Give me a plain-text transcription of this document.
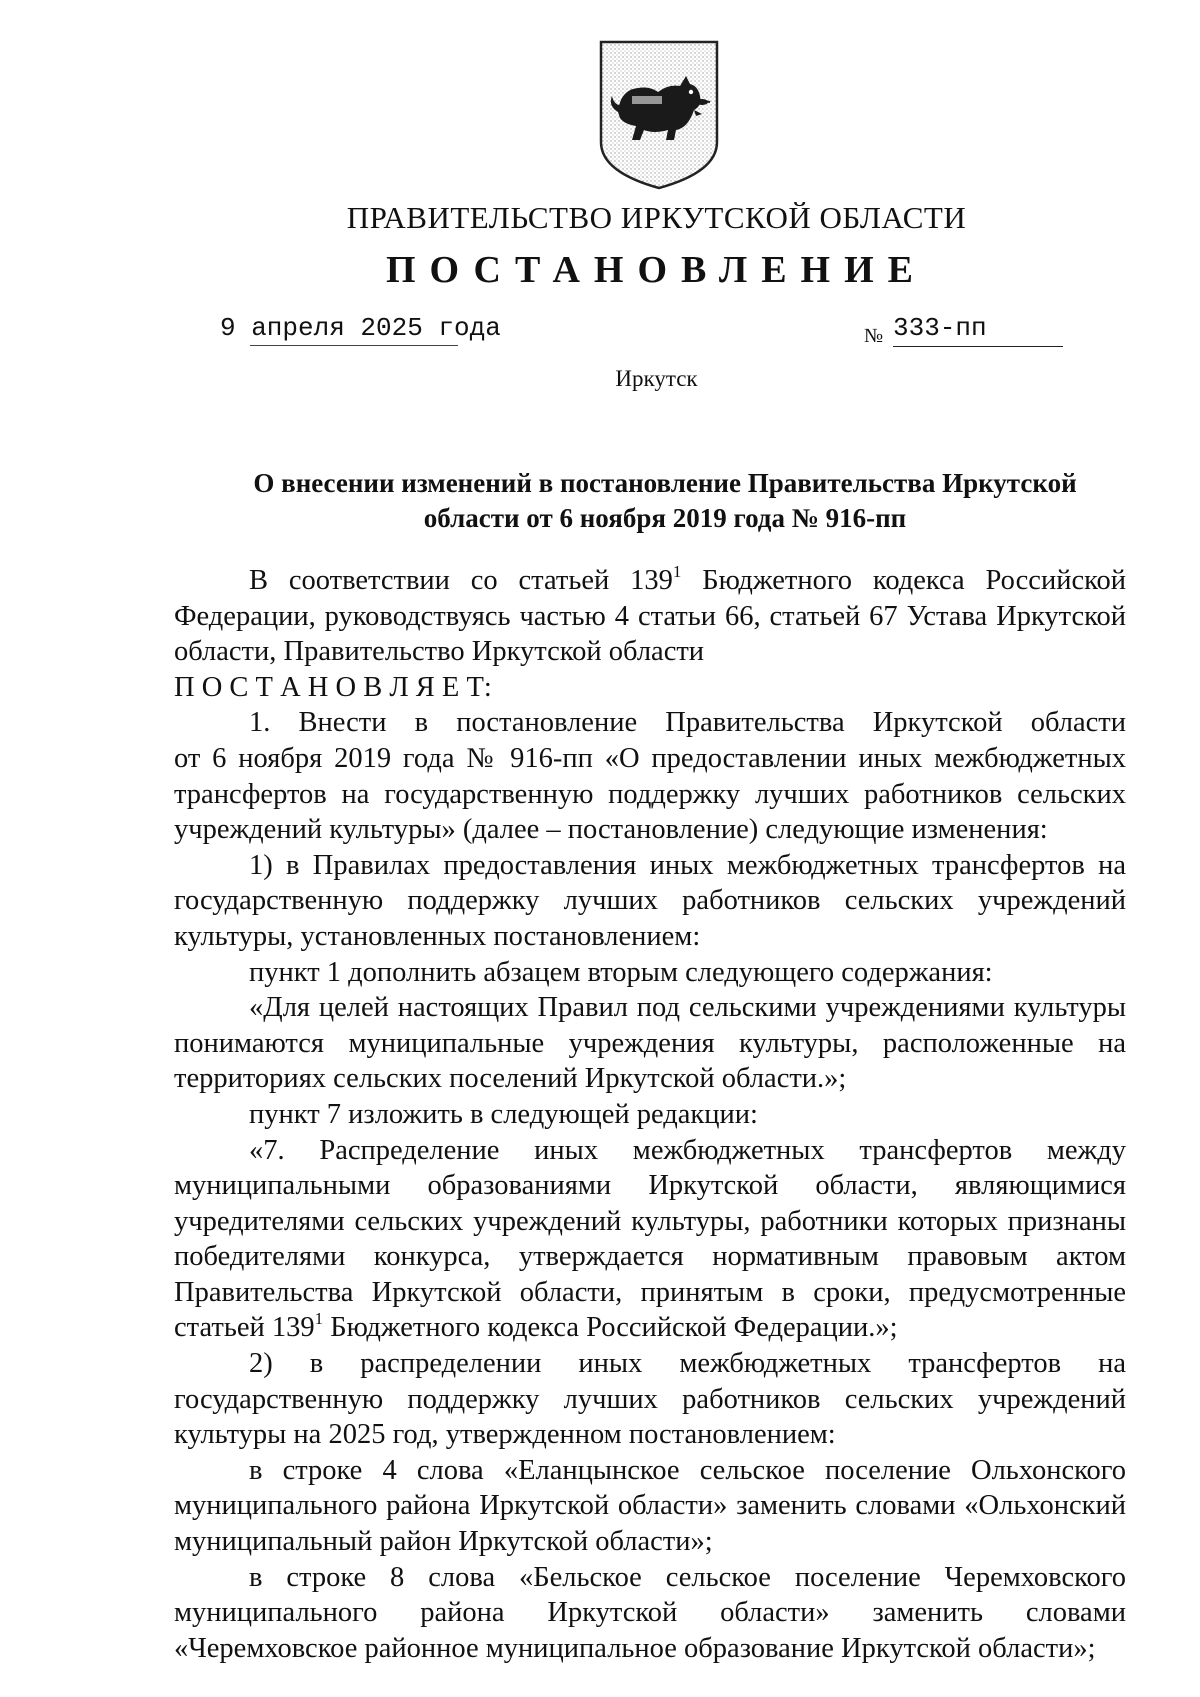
ПРАВИТЕЛЬСТВО ИРКУТСКОЙ ОБЛАСТИ
ПОСТАНОВЛЕНИЕ
9 апреля 2025 года	№ 333-пп
Иркутск
О внесении изменений в постановление Правительства Иркутской
области от 6 ноября 2019 года № 916-пп
В соответствии со статьей $139^1$ Бюджетного кодекса Российской
Федерации, руководствуясь частью 4 статьи 66, статьей 67 Устава Иркутской
области, Правительство Иркутской области
П О С Т А Н О В Л Я Е Т:
1. Внести в постановление Правительства Иркутской области
от 6 ноября 2019 года № 916-пп «О предоставлении иных межбюджетных
трансфертов на государственную поддержку лучших работников сельских
учреждений культуры» (далее – постановление) следующие изменения:
1) в Правилах предоставления иных межбюджетных трансфертов на
государственную поддержку лучших работников сельских учреждений
культуры, установленных постановлением:
пункт 1 дополнить абзацем вторым следующего содержания:
«Для целей настоящих Правил под сельскими учреждениями культуры
понимаются муниципальные учреждения культуры, расположенные на
территориях сельских поселений Иркутской области.»;
пункт 7 изложить в следующей редакции:
«7. Распределение иных межбюджетных трансфертов между
муниципальными образованиями Иркутской области, являющимися
учредителями сельских учреждений культуры, работники которых признаны
победителями конкурса, утверждается нормативным правовым актом
Правительства Иркутской области, принятым в сроки, предусмотренные
статьей $139^1$ Бюджетного кодекса Российской Федерации.»;
2) в распределении иных межбюджетных трансфертов на
государственную поддержку лучших работников сельских учреждений
культуры на 2025 год, утвержденном постановлением:
в строке 4 слова «Еланцынское сельское поселение Ольхонского
муниципального района Иркутской области» заменить словами «Ольхонский
муниципальный район Иркутской области»;
в строке 8 слова «Бельское сельское поселение Черемховского
муниципального района Иркутской области» заменить словами
«Черемховское районное муниципальное образование Иркутской области»;
